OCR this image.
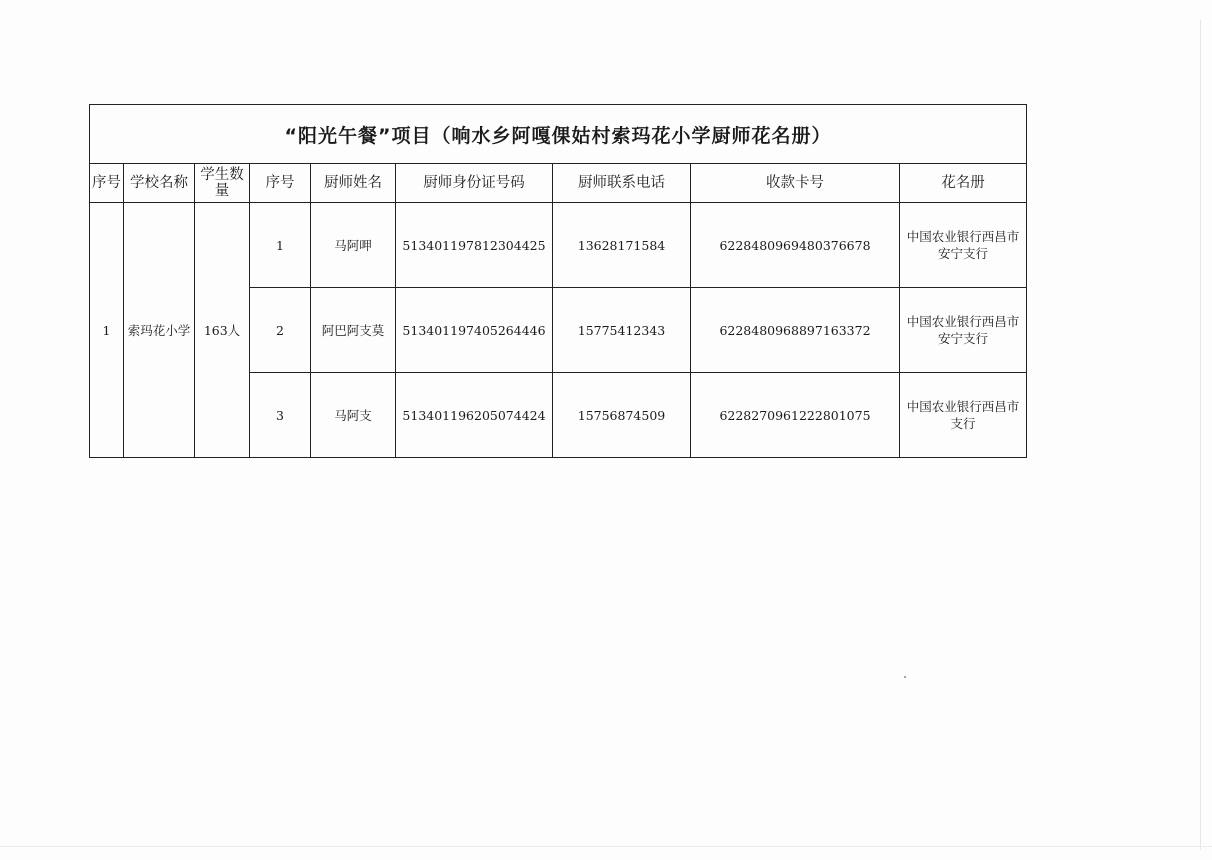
“阳光午餐”项目（响水乡阿嘎倮姑村索玛花小学厨师花名册）								
序号	学校名称	学生数量	序号	厨师姓名	厨师身份证号码	厨师联系电话	收款卡号	花名册
1	索玛花小学	163人	1	马阿呷	51340119781230‌4425	13628171584	6228480969480376678	中国农业银行西昌市安宁支行
			2	阿巴阿支莫	513401197405264446	15775412343	6228480968897163372	中国农业银行西昌市安宁支行
			3	马阿支	513401196205074424	15756874509	6228270961222801075	中国农业银行西昌市支行
